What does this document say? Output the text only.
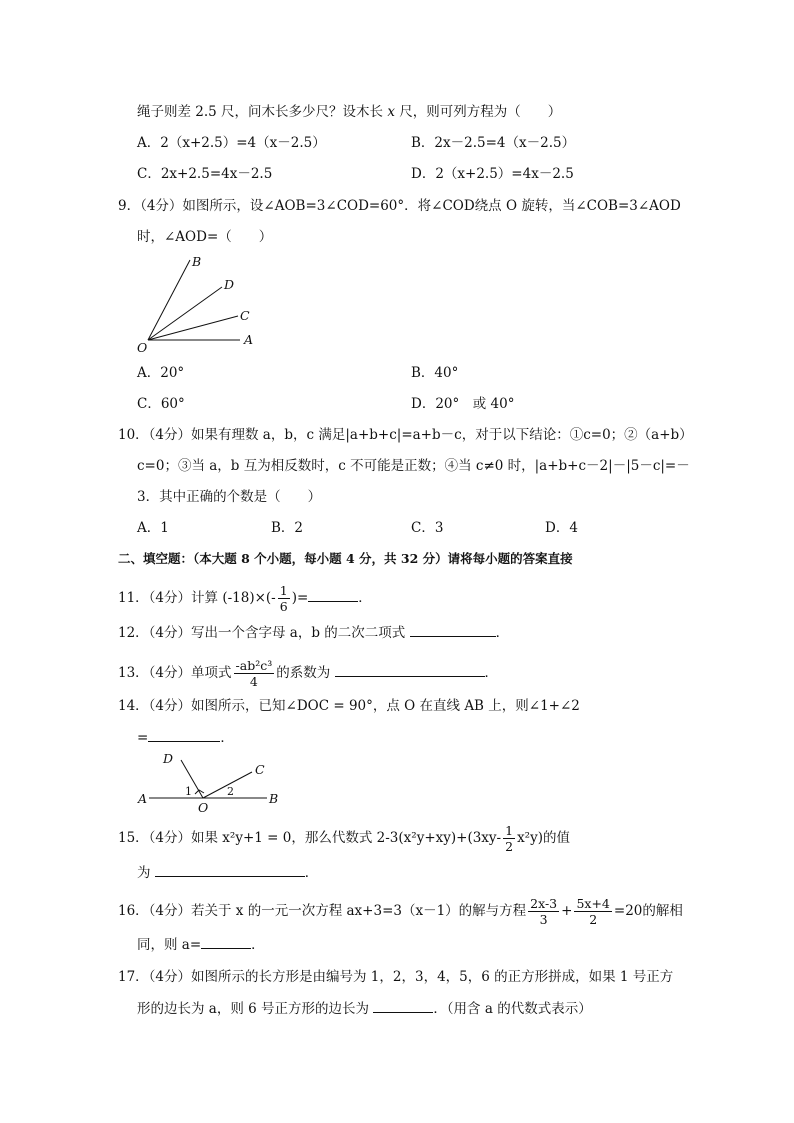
绳子则差 2.5 尺，问木长多少尺？设木长 x 尺，则可列方程为（　　）
A．2（x+2.5）=4（x－2.5）	B．2x－2.5=4（x－2.5）
C．2x+2.5=4x－2.5	D．2（x+2.5）=4x－2.5
9．（4分）如图所示，设∠AOB=3∠COD=60°．将∠COD绕点 O 旋转，当∠COB=3∠AOD
时，∠AOD=（　　）
B
D
C
A
O
A．20°	B．40°
C．60°	D．20°　或 40°
10．（4分）如果有理数 a，b，c 满足|a+b+c|=a+b－c，对于以下结论：①c=0；②（a+b）
c=0；③当 a，b 互为相反数时，c 不可能是正数；④当 c≠0 时，|a+b+c－2|－|5－c|=－
3．其中正确的个数是（　　）
A．1	B．2	C．3	D．4
二、填空题：（本大题 8 个小题，每小题 4 分，共 32 分）请将每小题的答案直接
11．（4分）计算 $(-18)\times(- \frac{1}{6}$ )=	．
12．（4分）写出一个含字母 a，b 的二次二项式	．
13．（4分）单项式 $\frac{\text{-ab²c³}}{4}$ 的系数为	．
14．（4分）如图所示，已知∠DOC = 90°，点 O 在直线 AB 上，则∠1+∠2
=	．
D
C
A	B
O
1	2
15．（4分）如果 x²y+1 = 0，那么代数式 $2-3(x^2y+xy)+(3xy- \frac{1}{2} x^2y)$的值
为	．
16．（4分）若关于 x 的一元一次方程 ax+3=3（x－1）的解与方程 $\frac{2x-3}{3} + \frac{5x+4}{2} =20$的解相
同，则 a=	．
17．（4分）如图所示的长方形是由编号为 1，2，3，4，5，6 的正方形拼成，如果 1 号正方
形的边长为 a，则 6 号正方形的边长为	．（用含 a 的代数式表示）
